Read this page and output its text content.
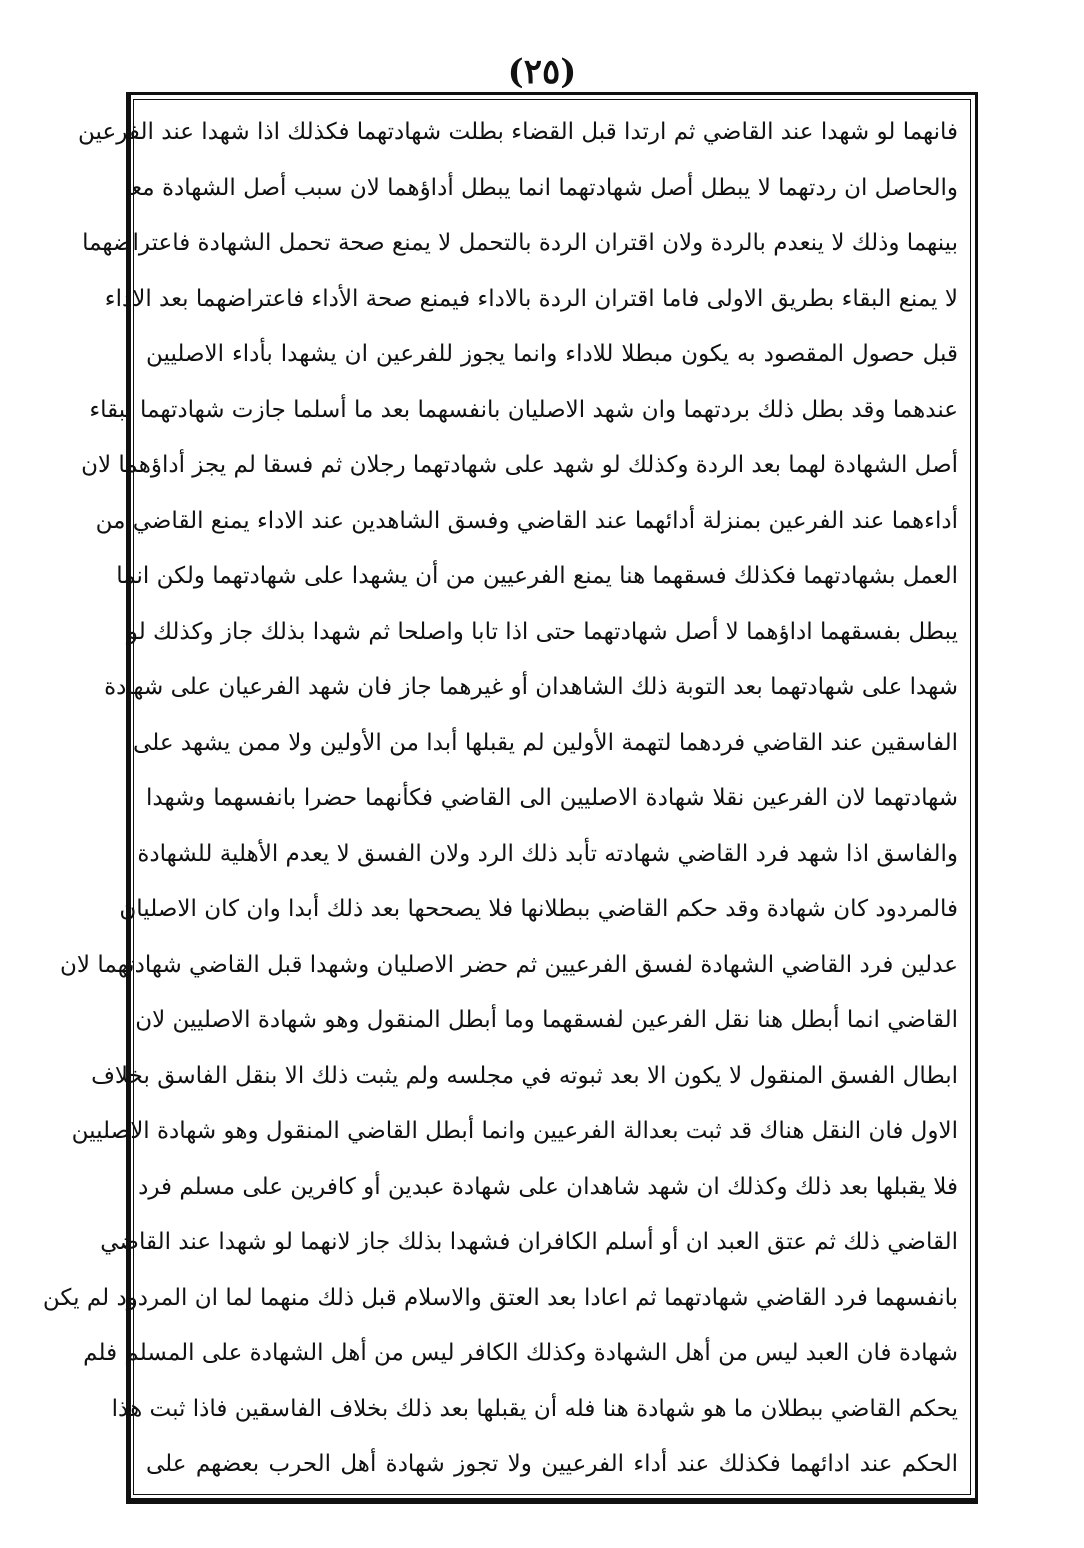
(٢٥)
فانهما لو شهدا عند القاضي ثم ارتدا قبل القضاء بطلت شهادتهما فكذلك اذا شهدا عند الفرعين
والحاصل ان ردتهما لا يبطل أصل شهادتهما انما يبطل أداؤهما لان سبب أصل الشهادة معا
بينهما وذلك لا ينعدم بالردة ولان اقتران الردة بالتحمل لا يمنع صحة تحمل الشهادة فاعتراضهما
لا يمنع البقاء بطريق الاولى فاما اقتران الردة بالاداء فيمنع صحة الأداء فاعتراضهما بعد الاداء
قبل حصول المقصود به يكون مبطلا للاداء وانما يجوز للفرعين ان يشهدا بأداء الاصليين
عندهما وقد بطل ذلك بردتهما وان شهد الاصليان بانفسهما بعد ما أسلما جازت شهادتهما لبقاء
أصل الشهادة لهما بعد الردة وكذلك لو شهد على شهادتهما رجلان ثم فسقا لم يجز أداؤهما لان
أداءهما عند الفرعين بمنزلة أدائهما عند القاضي وفسق الشاهدين عند الاداء يمنع القاضي من
العمل بشهادتهما فكذلك فسقهما هنا يمنع الفرعيين من أن يشهدا على شهادتهما ولكن انما
يبطل بفسقهما اداؤهما لا أصل شهادتهما حتى اذا تابا واصلحا ثم شهدا بذلك جاز وكذلك لو
شهدا على شهادتهما بعد التوبة ذلك الشاهدان أو غيرهما جاز فان شهد الفرعيان على شهادة
الفاسقين عند القاضي فردهما لتهمة الأولين لم يقبلها أبدا من الأولين ولا ممن يشهد على
شهادتهما لان الفرعين نقلا شهادة الاصليين الى القاضي فكأنهما حضرا بانفسهما وشهدا
والفاسق اذا شهد فرد القاضي شهادته تأبد ذلك الرد ولان الفسق لا يعدم الأهلية للشهادة
فالمردود كان شهادة وقد حكم القاضي ببطلانها فلا يصححها بعد ذلك أبدا وان كان الاصليان
عدلين فرد القاضي الشهادة لفسق الفرعيين ثم حضر الاصليان وشهدا قبل القاضي شهادتهما لان
القاضي انما أبطل هنا نقل الفرعين لفسقهما وما أبطل المنقول وهو شهادة الاصليين لان
ابطال الفسق المنقول لا يكون الا بعد ثبوته في مجلسه ولم يثبت ذلك الا بنقل الفاسق بخلاف
الاول فان النقل هناك قد ثبت بعدالة الفرعيين وانما أبطل القاضي المنقول وهو شهادة الاصليين
فلا يقبلها بعد ذلك وكذلك ان شهد شاهدان على شهادة عبدين أو كافرين على مسلم فرد
القاضي ذلك ثم عتق العبد ان أو أسلم الكافران فشهدا بذلك جاز لانهما لو شهدا عند القاضي
بانفسهما فرد القاضي شهادتهما ثم اعادا بعد العتق والاسلام قبل ذلك منهما لما ان المردود لم يكن
شهادة فان العبد ليس من أهل الشهادة وكذلك الكافر ليس من أهل الشهادة على المسلم فلم
يحكم القاضي ببطلان ما هو شهادة هنا فله أن يقبلها بعد ذلك بخلاف الفاسقين فاذا ثبت هذا
الحكم عند ادائهما فكذلك عند أداء الفرعيين ولا تجوز شهادة أهل الحرب بعضهم على
